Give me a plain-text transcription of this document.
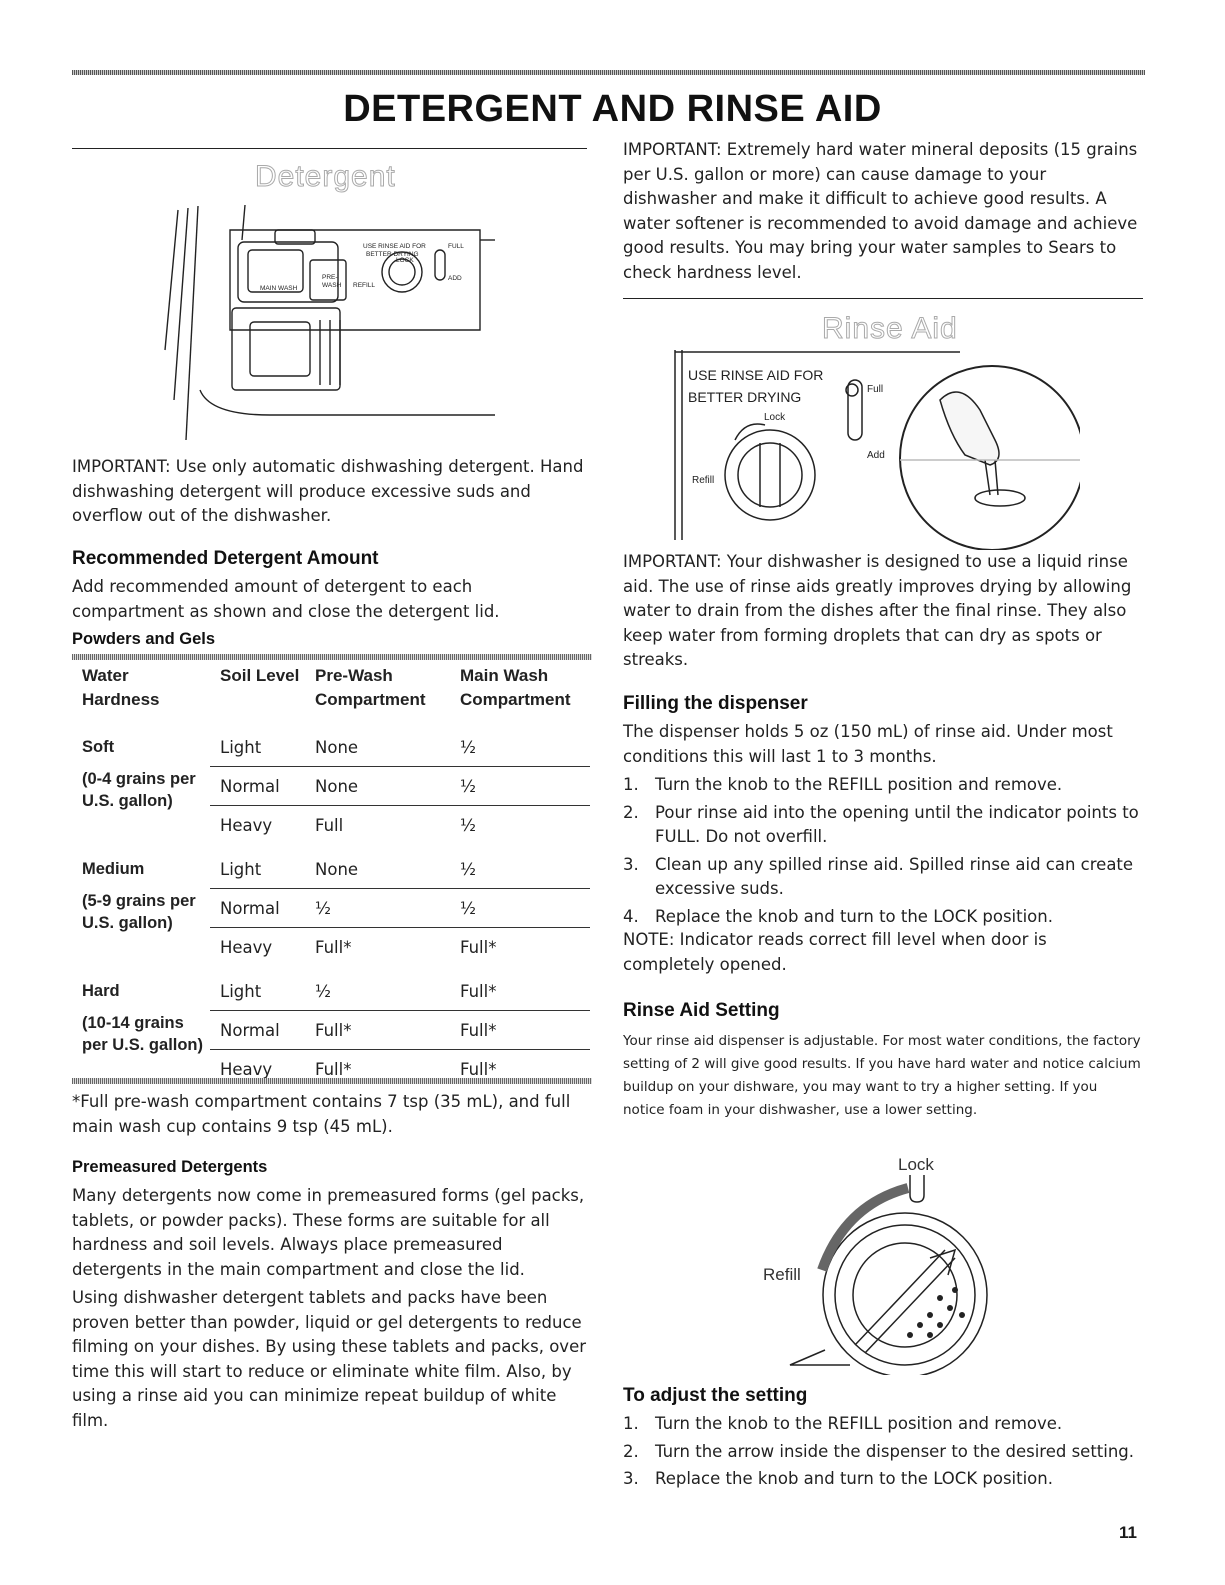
DETERGENT AND RINSE AID
Detergent
USE RINSE AID FOR
BETTER DRYING
LOCK
FULL
ADD
REFILL
PRE-
WASH
MAIN WASH

IMPORTANT: Use only automatic dishwashing detergent. Hand dishwashing detergent will produce excessive suds and overflow out of the dishwasher.

Recommended Detergent Amount

Add recommended amount of detergent to each compartment as shown and close the detergent lid.

Powders and Gels
Water Hardness	Soil Level	Pre-Wash Compartment	Main Wash Compartment

Soft
(0-4 grains per U.S. gallon)	Light	None	½
	Normal	None	½
	Heavy	Full	½

Medium
(5-9 grains per U.S. gallon)	Light	None	½
	Normal	½	½
	Heavy	Full*	Full*

Hard
(10-14 grains per U.S. gallon)	Light	½	Full*
	Normal	Full*	Full*
	Heavy	Full*	Full*

*Full pre-wash compartment contains 7 tsp (35 mL), and full main wash cup contains 9 tsp (45 mL).

Premeasured Detergents

Many detergents now come in premeasured forms (gel packs, tablets, or powder packs). These forms are suitable for all hardness and soil levels. Always place premeasured detergents in the main compartment and close the lid.

Using dishwasher detergent tablets and packs have been proven better than powder, liquid or gel detergents to reduce filming on your dishes. By using these tablets and packs, over time this will start to reduce or eliminate white film. Also, by using a rinse aid you can minimize repeat buildup of white film.

IMPORTANT: Extremely hard water mineral deposits (15 grains per U.S. gallon or more) can cause damage to your dishwasher and make it difficult to achieve good results. A water softener is recommended to avoid damage and achieve good results. You may bring your water samples to Sears to check hardness level.

Rinse Aid
USE RINSE AID FOR
BETTER DRYING
Lock
Full
Add
Refill

IMPORTANT: Your dishwasher is designed to use a liquid rinse aid. The use of rinse aids greatly improves drying by allowing water to drain from the dishes after the final rinse. They also keep water from forming droplets that can dry as spots or streaks.

Filling the dispenser

The dispenser holds 5 oz (150 mL) of rinse aid. Under most conditions this will last 1 to 3 months.

1. Turn the knob to the REFILL position and remove.
2. Pour rinse aid into the opening until the indicator points to FULL. Do not overfill.
3. Clean up any spilled rinse aid. Spilled rinse aid can create excessive suds.
4. Replace the knob and turn to the LOCK position.

NOTE: Indicator reads correct fill level when door is completely opened.

Rinse Aid Setting

Your rinse aid dispenser is adjustable. For most water conditions, the factory setting of 2 will give good results. If you have hard water and notice calcium buildup on your dishware, you may want to try a higher setting. If you notice foam in your dishwasher, use a lower setting.

Lock
Refill
To adjust the setting
1. Turn the knob to the REFILL position and remove.
2. Turn the arrow inside the dispenser to the desired setting.
3. Replace the knob and turn to the LOCK position.
11
